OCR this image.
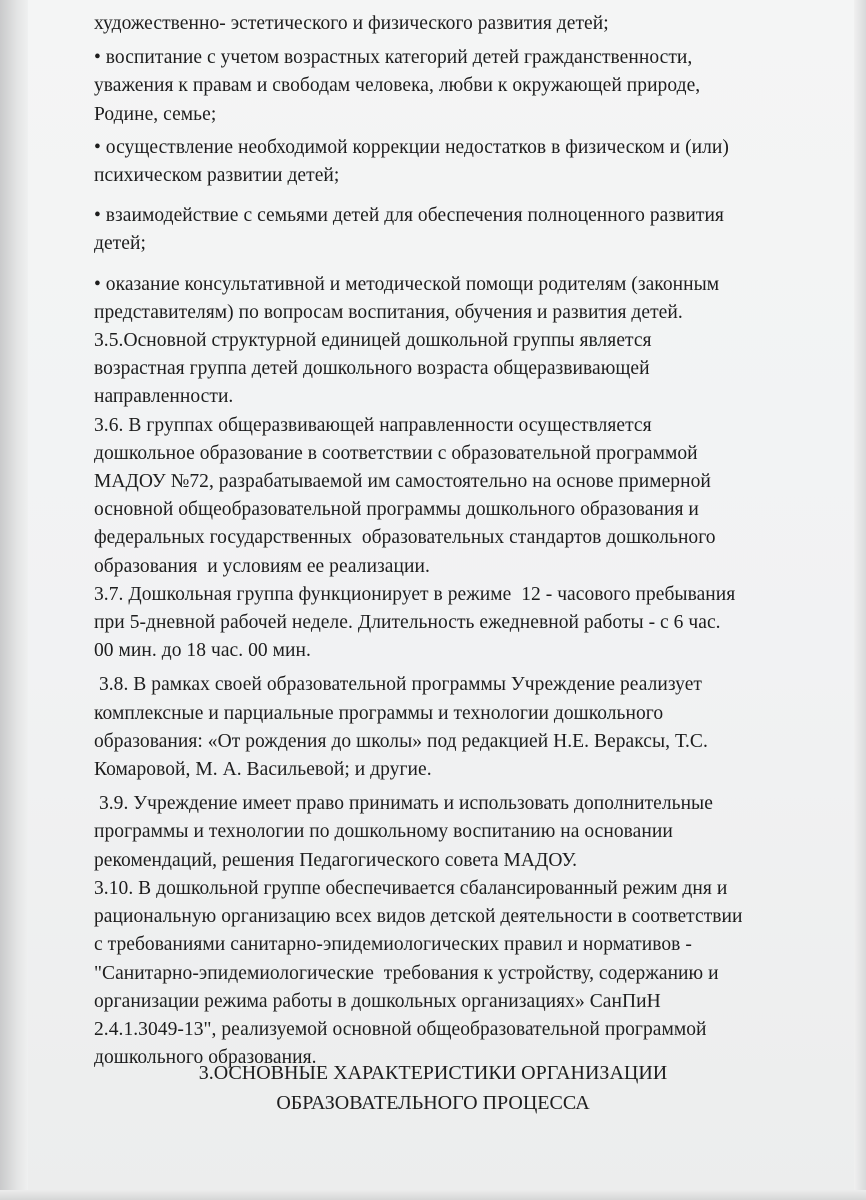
художественно- эстетического и физического развития детей;

• воспитание с учетом возрастных категорий детей гражданственности,

уважения к правам и свободам человека, любви к окружающей природе,

Родине, семье;

• осуществление необходимой коррекции недостатков в физическом и (или)

психическом развитии детей;

• взаимодействие с семьями детей для обеспечения полноценного развития

детей;

• оказание консультативной и методической помощи родителям (законным

представителям) по вопросам воспитания, обучения и развития детей.

3.5.Основной структурной единицей дошкольной группы является

возрастная группа детей дошкольного возраста общеразвивающей

направленности.

3.6. В группах общеразвивающей направленности осуществляется

дошкольное образование в соответствии с образовательной программой

МАДОУ №72, разрабатываемой им самостоятельно на основе примерной

основной общеобразовательной программы дошкольного образования и

федеральных государственных  образовательных стандартов дошкольного

образования  и условиям ее реализации.

3.7. Дошкольная группа функционирует в режиме  12 - часового пребывания

при 5-дневной рабочей неделе. Длительность ежедневной работы - с 6 час.

00 мин. до 18 час. 00 мин.

3.8. В рамках своей образовательной программы Учреждение реализует

комплексные и парциальные программы и технологии дошкольного

образования: «От рождения до школы» под редакцией Н.Е. Вераксы, Т.С.

Комаровой, М. А. Васильевой; и другие.

3.9. Учреждение имеет право принимать и использовать дополнительные

программы и технологии по дошкольному воспитанию на основании

рекомендаций, решения Педагогического совета МАДОУ.

3.10. В дошкольной группе обеспечивается сбалансированный режим дня и

рациональную организацию всех видов детской деятельности в соответствии

с требованиями санитарно-эпидемиологических правил и нормативов -

"Санитарно-эпидемиологические  требования к устройству, содержанию и

организации режима работы в дошкольных организациях» СанПиН

2.4.1.3049-13", реализуемой основной общеобразовательной программой

дошкольного образования.

3.ОСНОВНЫЕ ХАРАКТЕРИСТИКИ ОРГАНИЗАЦИИ
ОБРАЗОВАТЕЛЬНОГО ПРОЦЕССА
